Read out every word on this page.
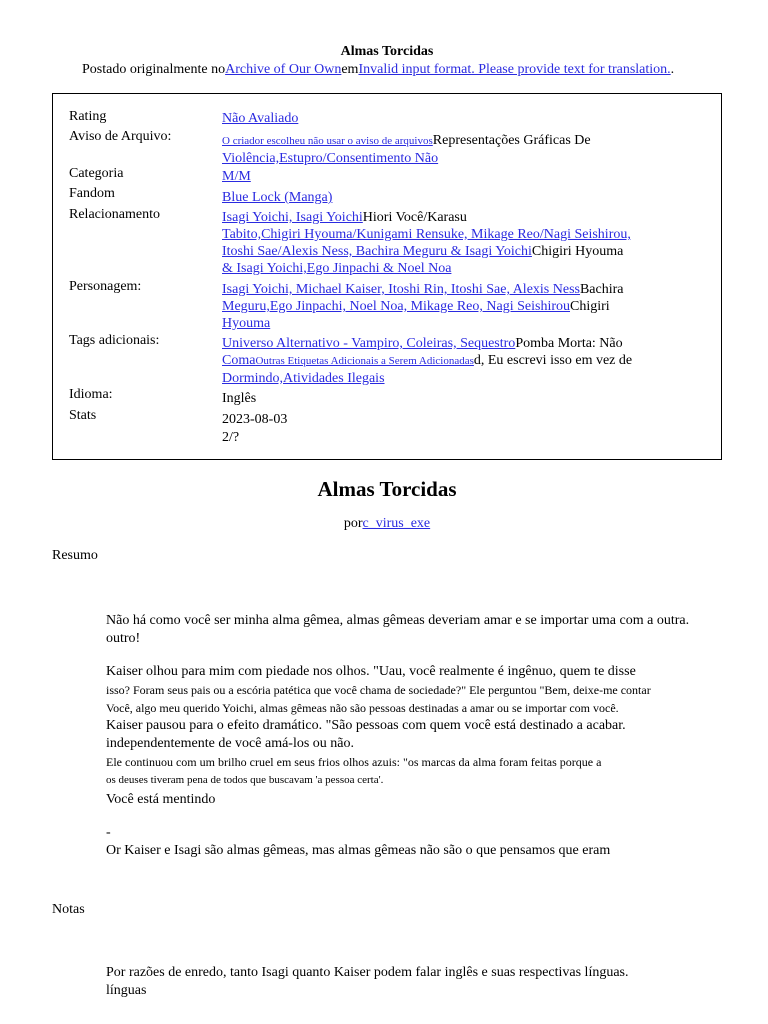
Almas Torcidas
Postado originalmente noArchive of Our OwnemInvalid input format. Please provide text for translation..
Rating	Não Avaliado
Aviso de Arquivo:	O criador escolheu não usar o aviso de arquivosRepresentações Gráficas De
Violência,Estupro/Consentimento Não
Categoria	M/M
Fandom	Blue Lock (Manga)
Relacionamento	Isagi Yoichi, Isagi YoichiHiori Você/Karasu
Tabito,Chigiri Hyouma/Kunigami Rensuke, Mikage Reo/Nagi Seishirou,
Itoshi Sae/Alexis Ness, Bachira Meguru & Isagi YoichiChigiri Hyouma
& Isagi Yoichi,Ego Jinpachi & Noel Noa
Personagem:	Isagi Yoichi, Michael Kaiser, Itoshi Rin, Itoshi Sae, Alexis NessBachira
Meguru,Ego Jinpachi, Noel Noa, Mikage Reo, Nagi SeishirouChigiri
Hyouma
Tags adicionais:	Universo Alternativo - Vampiro, Coleiras, SequestroPomba Morta: Não
ComaOutras Etiquetas Adicionais a Serem Adicionadasd, Eu escrevi isso em vez de
Dormindo,Atividades Ilegais
Idioma:	Inglês
Stats	2023-08-03
2/?
Almas Torcidas
porc_virus_exe
Resumo
Não há como você ser minha alma gêmea, almas gêmeas deveriam amar e se importar uma com a outra.
outro!
Kaiser olhou para mim com piedade nos olhos. "Uau, você realmente é ingênuo, quem te disse
isso? Foram seus pais ou a escória patética que você chama de sociedade?" Ele perguntou "Bem, deixe-me contar
Você, algo meu querido Yoichi, almas gêmeas não são pessoas destinadas a amar ou se importar com você.
Kaiser pausou para o efeito dramático. "São pessoas com quem você está destinado a acabar.
independentemente de você amá-los ou não.
Ele continuou com um brilho cruel em seus frios olhos azuis: "os marcas da alma foram feitas porque a
os deuses tiveram pena de todos que buscavam 'a pessoa certa'.
Você está mentindo
-
Or Kaiser e Isagi são almas gêmeas, mas almas gêmeas não são o que pensamos que eram
Notas
Por razões de enredo, tanto Isagi quanto Kaiser podem falar inglês e suas respectivas línguas.
línguas
